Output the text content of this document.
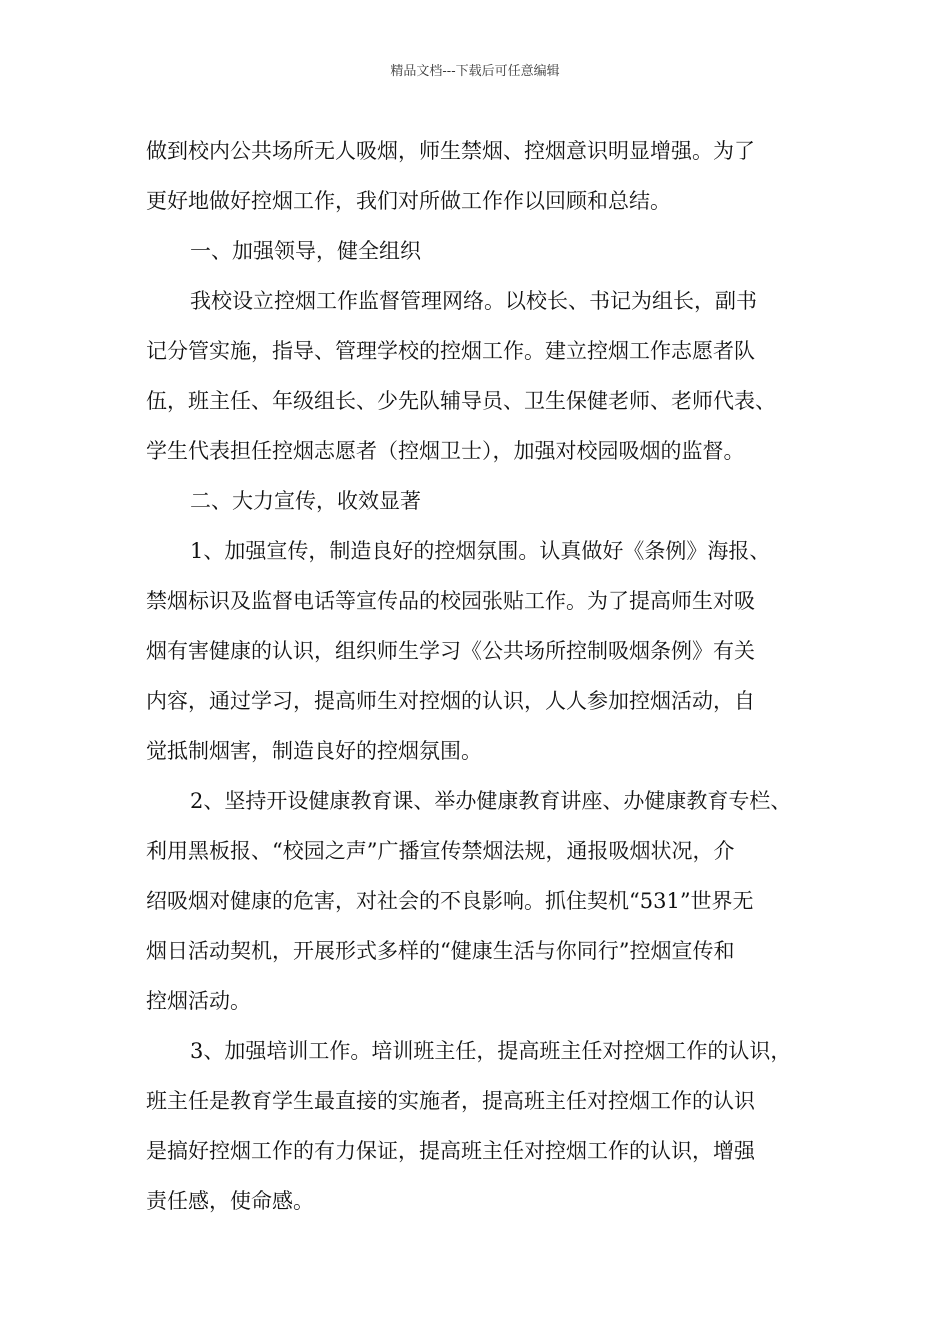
精品文档---下载后可任意编辑
做到校内公共场所无人吸烟，师生禁烟、控烟意识明显增强。为了
更好地做好控烟工作，我们对所做工作作以回顾和总结。
一、加强领导，健全组织
我校设立控烟工作监督管理网络。以校长、书记为组长，副书
记分管实施，指导、管理学校的控烟工作。建立控烟工作志愿者队
伍，班主任、年级组长、少先队辅导员、卫生保健老师、老师代表、
学生代表担任控烟志愿者（控烟卫士），加强对校园吸烟的监督。
二、大力宣传，收效显著
1、加强宣传，制造良好的控烟氛围。认真做好《条例》海报、
禁烟标识及监督电话等宣传品的校园张贴工作。为了提高师生对吸
烟有害健康的认识，组织师生学习《公共场所控制吸烟条例》有关
内容，通过学习，提高师生对控烟的认识，人人参加控烟活动，自
觉抵制烟害，制造良好的控烟氛围。
2、坚持开设健康教育课、举办健康教育讲座、办健康教育专栏、
利用黑板报、“校园之声”广播宣传禁烟法规，通报吸烟状况，介
绍吸烟对健康的危害，对社会的不良影响。抓住契机“531”世界无
烟日活动契机，开展形式多样的“健康生活与你同行”控烟宣传和
控烟活动。
3、加强培训工作。培训班主任，提高班主任对控烟工作的认识，
班主任是教育学生最直接的实施者，提高班主任对控烟工作的认识
是搞好控烟工作的有力保证，提高班主任对控烟工作的认识，增强
责任感，使命感。
